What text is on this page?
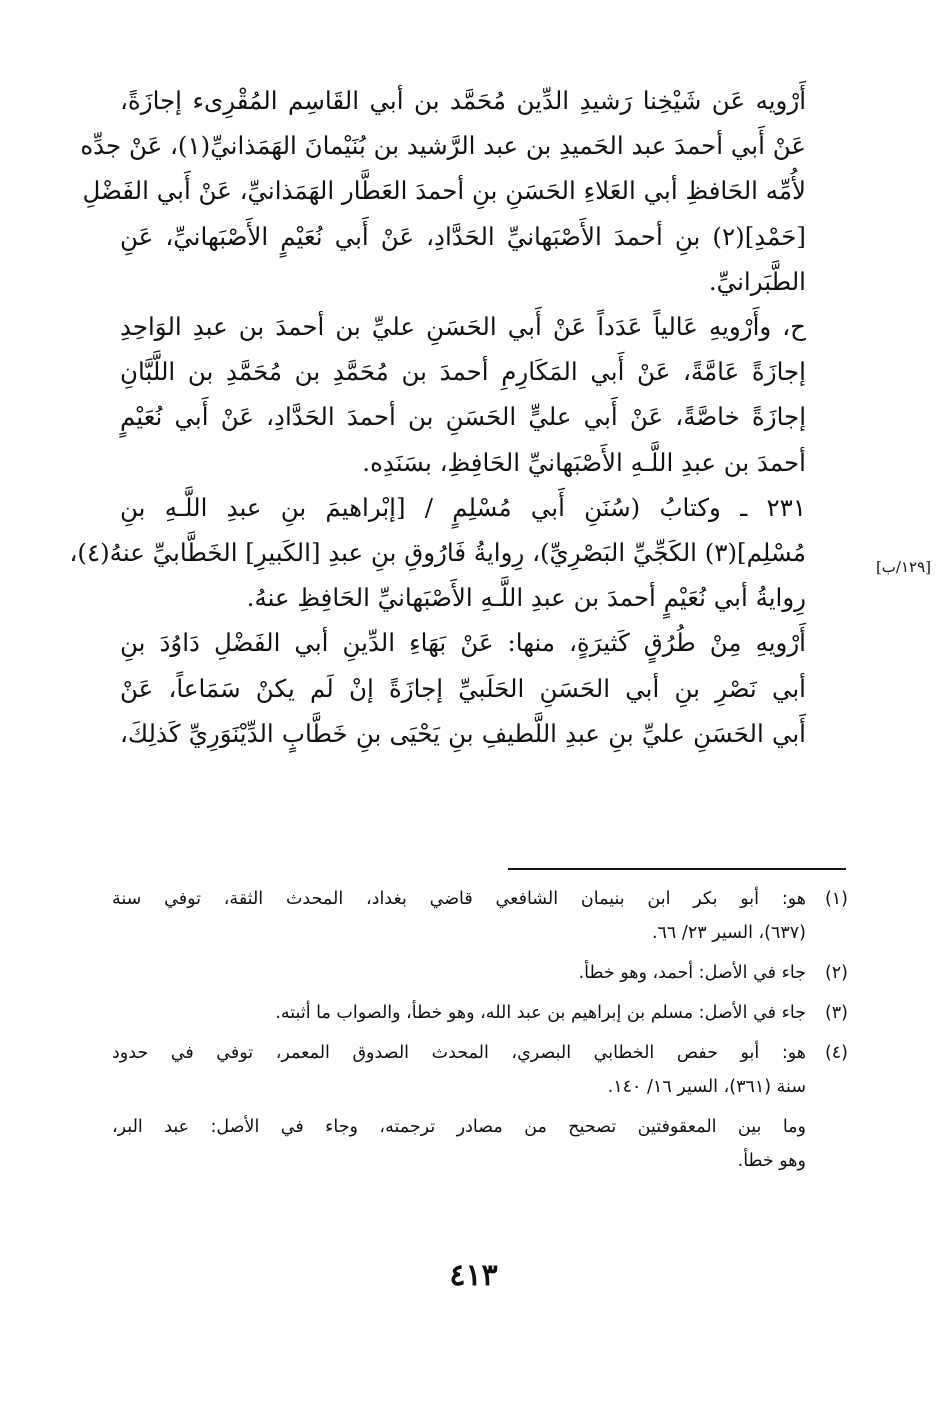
أَرْويه عَن شَيْخِنا رَشيدِ الدِّين مُحَمَّد بن أبي القَاسِم المُقْرِىء إجازَةً،
عَنْ أَبي أحمدَ عبد الحَميدِ بن عبد الرَّشيد بن بُنَيْمانَ الهَمَذانيِّ(١)، عَنْ جدِّه
لأُمِّه الحَافظِ أبي العَلاءِ الحَسَنِ بنِ أحمدَ العَطَّار الهَمَذانيِّ، عَنْ أَبي الفَضْلِ
[حَمْدِ](٢) بنِ أحمدَ الأَصْبَهانيِّ الحَدَّادِ، عَنْ أَبي نُعَيْمٍ الأَصْبَهانيِّ، عَنِ
الطَّبَرانيِّ.

ح، وأَرْويهِ عَالياً عَدَداً عَنْ أَبي الحَسَنِ عليِّ بن أحمدَ بن عبدِ الوَاحِدِ
إجازَةً عَامَّةً، عَنْ أَبي المَكَارِمِ أحمدَ بن مُحَمَّدِ بن مُحَمَّدِ بن اللَّبَّانِ
إجازَةً خاصَّةً، عَنْ أَبي عليٍّ الحَسَنِ بن أحمدَ الحَدَّادِ، عَنْ أَبي نُعَيْمٍ
أحمدَ بن عبدِ اللَّـهِ الأَصْبَهانيِّ الحَافِظِ، بسَنَدِه.

٢٣١ ـ وكتابُ (سُنَنِ أَبي مُسْلِمٍ / [إبْراهيمَ بنِ عبدِ اللَّـهِ بنِ
مُسْلِم](٣) الكَجِّيِّ البَصْرِيِّ)، رِوايةُ فَارُوقِ بنِ عبدِ [الكَبيرِ] الخَطَّابيِّ عنهُ(٤)،
رِوايةُ أبي نُعَيْمٍ أحمدَ بن عبدِ اللَّـهِ الأَصْبَهانيِّ الحَافِظِ عنهُ.

أَرْويهِ مِنْ طُرُقٍ كَثيرَةٍ، منها: عَنْ بَهَاءِ الدِّينِ أبي الفَضْلِ دَاوُدَ بنِ
أبي نَصْرِ بنِ أبي الحَسَنِ الحَلَبيِّ إجازَةً إنْ لَم يكنْ سَمَاعاً، عَنْ
أَبي الحَسَنِ عليِّ بنِ عبدِ اللَّطيفِ بنِ يَحْيَى بنِ خَطَّابٍ الدِّيْنَوَرِيِّ كَذلِكَ،

[١٢٩/ب]
(١)
هو: أبو بكر ابن بنيمان الشافعي قاضي بغداد، المحدث الثقة، توفي سنة
(٦٣٧)، السير ٢٣/ ٦٦.
(٢)
جاء في الأصل: أحمد، وهو خطأ.
(٣)
جاء في الأصل: مسلم بن إبراهيم بن عبد الله، وهو خطأ، والصواب ما أثبته.
(٤)
هو: أبو حفص الخطابي البصري، المحدث الصدوق المعمر، توفي في حدود
سنة (٣٦١)، السير ١٦/ ١٤٠.
وما بين المعقوفتين تصحيح من مصادر ترجمته، وجاء في الأصل: عبد البر،
وهو خطأ.
٤١٣
